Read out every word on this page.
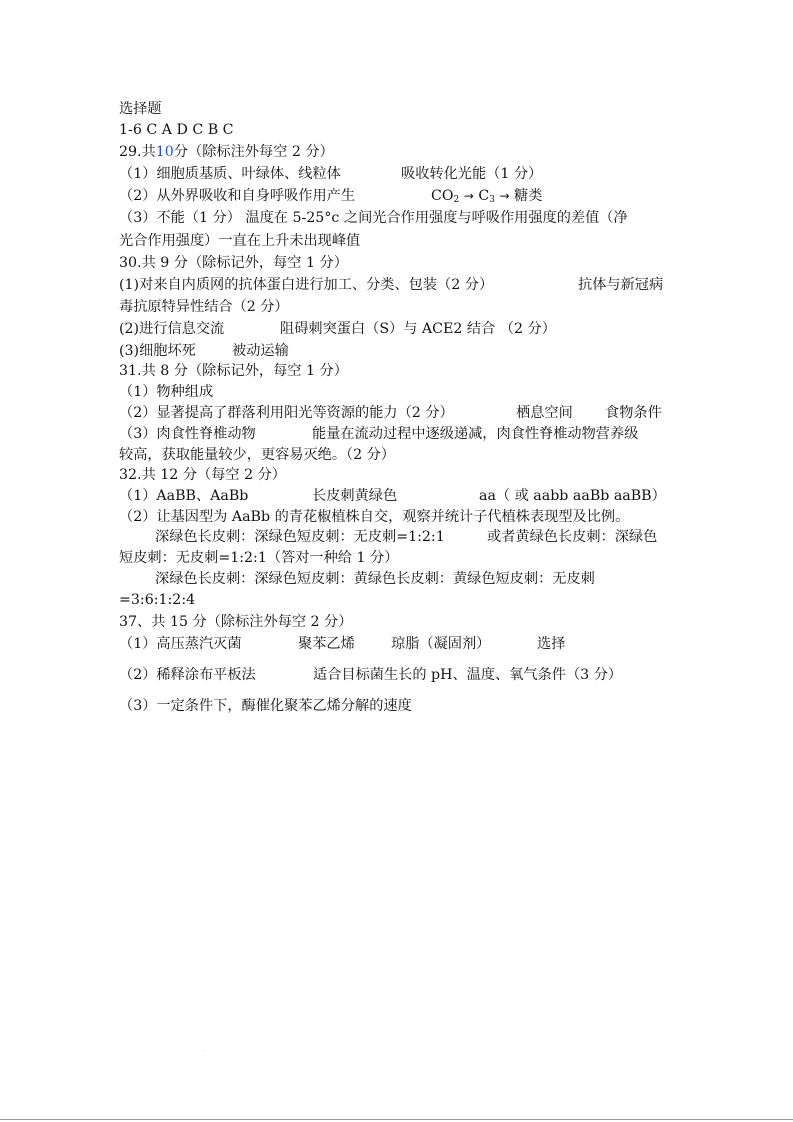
选择题
1-6 C A D C B C
29.共10分（除标注外每空 2 分）
（1）细胞质基质、叶绿体、线粒体	吸收转化光能（1 分）
（2）从外界吸收和自身呼吸作用产生	$CO_2 \to C_3$ → 糖类
（3）不能（1 分） 温度在 5-25°c 之间光合作用强度与呼吸作用强度的差值（净
光合作用强度）一直在上升未出现峰值
30.共 9 分（除标记外，每空 1 分）
(1)对来自内质网的抗体蛋白进行加工、分类、包装（2 分）	抗体与新冠病
毒抗原特异性结合（2 分）
(2)进行信息交流	阻碍刺突蛋白（S）与 ACE2 结合 （2 分）
(3)细胞坏死	被动运输
31.共 8 分（除标记外，每空 1 分）
（1）物种组成
（2）显著提高了群落利用阳光等资源的能力（2 分）	栖息空间 食物条件
（3）肉食性脊椎动物	能量在流动过程中逐级递减，肉食性脊椎动物营养级
较高，获取能量较少，更容易灭绝。（2 分）
32.共 12 分（每空 2 分）
（1）AaBB、AaBb	长皮刺黄绿色	aa（ 或 aabb aaBb aaBB）
（2）让基因型为 AaBb 的青花椒植株自交，观察并统计子代植株表现型及比例。
深绿色长皮刺：深绿色短皮刺：无皮刺=1:2:1	或者黄绿色长皮刺：深绿色
短皮刺：无皮刺=1:2:1（答对一种给 1 分）
深绿色长皮刺：深绿色短皮刺：黄绿色长皮刺：黄绿色短皮刺：无皮刺
=3:6:1:2:4
37、共 15 分（除标注外每空 2 分）
（1）高压蒸汽灭菌	聚苯乙烯	琼脂（凝固剂）	选择
（2）稀释涂布平板法	适合目标菌生长的 pH、温度、氧气条件（3 分）
（3）一定条件下，酶催化聚苯乙烯分解的速度
.
